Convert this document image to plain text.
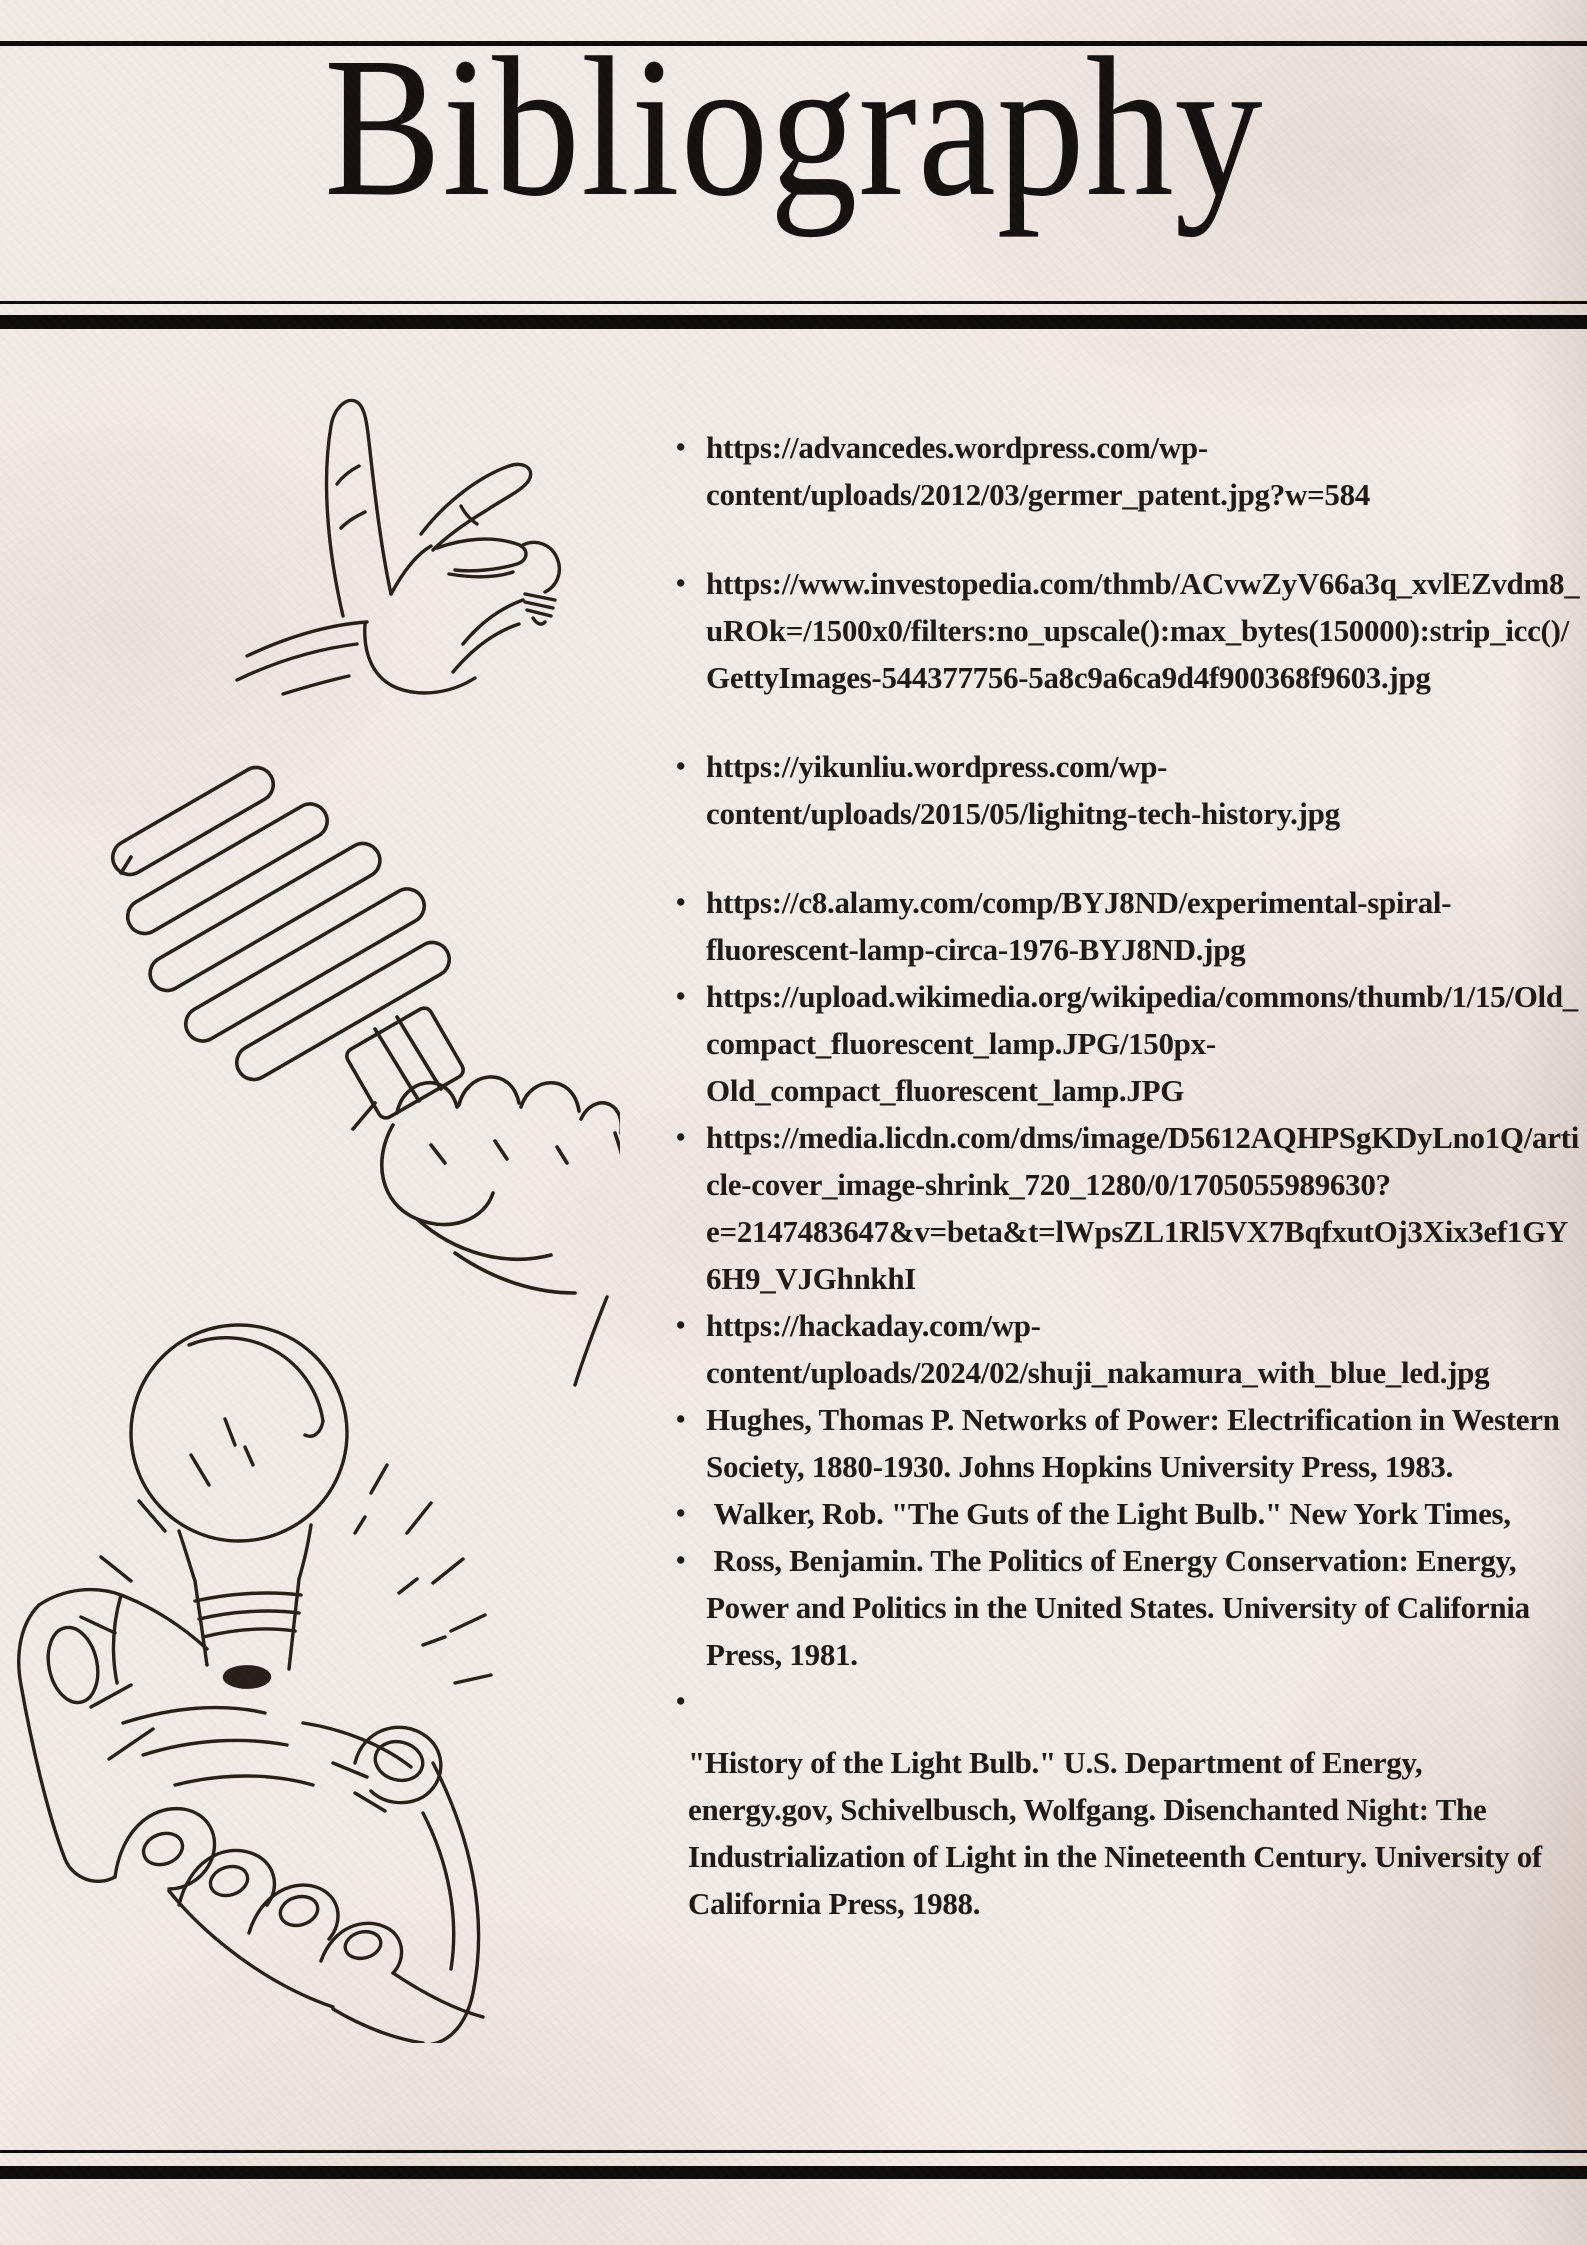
Bibliography
• https://advancedes.wordpress.com/wp-content/uploads/2012/03/germer_patent.jpg?w=584
• https://www.investopedia.com/thmb/ACvwZyV66a3q_xvlEZvdm8_uROk=/1500x0/filters:no_upscale():max_bytes(150000):strip_icc()/GettyImages-544377756-5a8c9a6ca9d4f900368f9603.jpg
• https://yikunliu.wordpress.com/wp-content/uploads/2015/05/lighitng-tech-history.jpg
• https://c8.alamy.com/comp/BYJ8ND/experimental-spiral-fluorescent-lamp-circa-1976-BYJ8ND.jpg
• https://upload.wikimedia.org/wikipedia/commons/thumb/1/15/Old_compact_fluorescent_lamp.JPG/150px-Old_compact_fluorescent_lamp.JPG
• https://media.licdn.com/dms/image/D5612AQHPSgKDyLno1Q/article-cover_image-shrink_720_1280/0/1705055989630?e=2147483647&v=beta&t=lWpsZL1Rl5VX7BqfxutOj3Xix3ef1GY6H9_VJGhnkhI
• https://hackaday.com/wp-content/uploads/2024/02/shuji_nakamura_with_blue_led.jpg
• Hughes, Thomas P. Networks of Power: Electrification in Western Society, 1880-1930. Johns Hopkins University Press, 1983.
• Walker, Rob. "The Guts of the Light Bulb." New York Times,
• Ross, Benjamin. The Politics of Energy Conservation: Energy, Power and Politics in the United States. University of California Press, 1981.
•
"History of the Light Bulb." U.S. Department of Energy, energy.gov, Schivelbusch, Wolfgang. Disenchanted Night: The Industrialization of Light in the Nineteenth Century. University of California Press, 1988.
